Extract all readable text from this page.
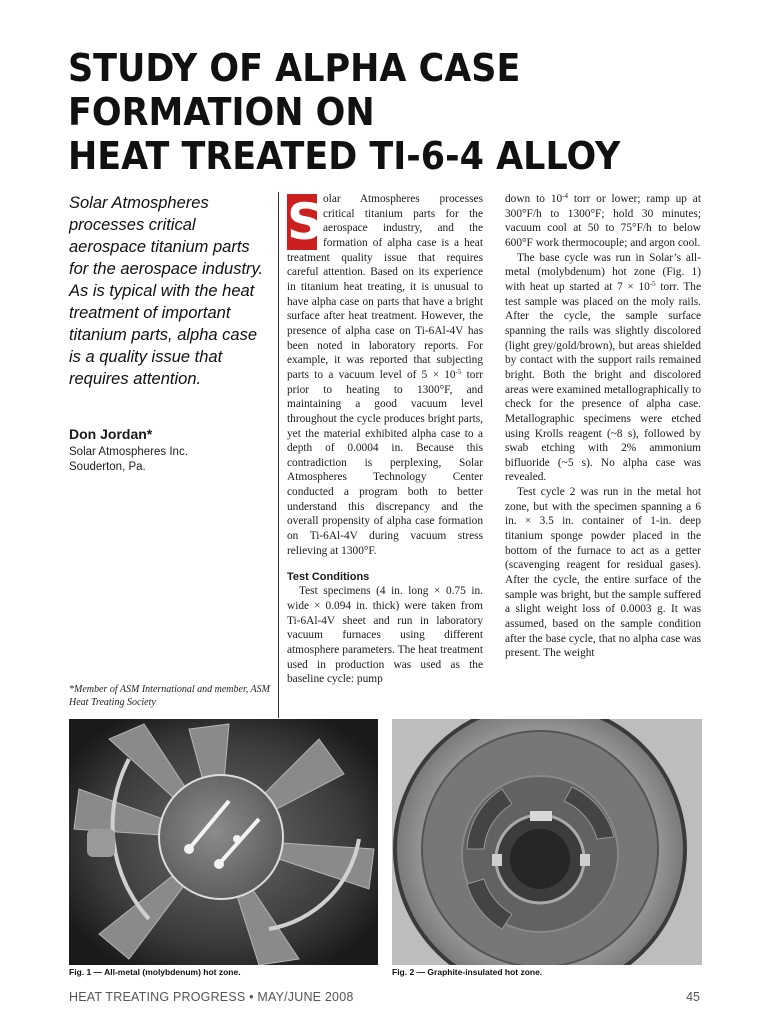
STUDY OF ALPHA CASE
FORMATION ON
HEAT TREATED TI-6-4 ALLOY
Solar Atmospheres processes critical aerospace titanium parts for the aerospace industry. As is typical with the heat treatment of important titanium parts, alpha case is a quality issue that requires attention.
Don Jordan*
Solar Atmospheres Inc.
Souderton, Pa.
*Member of ASM International and member, ASM Heat Treating Society

S olar Atmospheres processes critical titanium parts for the aerospace industry, and the formation of alpha case is a heat treatment quality issue that requires careful attention. Based on its experience in titanium heat treating, it is unusual to have alpha case on parts that have a bright surface after heat treatment. However, the presence of alpha case on Ti-6Al-4V has been noted in laboratory reports. For example, it was reported that subjecting parts to a vacuum level of $5 \times 10^{-5}$ torr prior to heating to 1300°F, and maintaining a good vacuum level throughout the cycle produces bright parts, yet the material exhibited alpha case to a depth of 0.0004 in. Because this contradiction is perplexing, Solar Atmospheres Technology Center conducted a program both to better understand this discrepancy and the overall propensity of alpha case formation on Ti-6Al-4V during vacuum stress relieving at 1300°F.

Test Conditions

Test specimens (4 in. long × 0.75 in. wide × 0.094 in. thick) were taken from Ti-6Al-4V sheet and run in laboratory vacuum furnaces using different atmosphere parameters. The heat treatment used in production was used as the baseline cycle: pump

down to $10^{-4}$ torr or lower; ramp up at 300°F/h to 1300°F; hold 30 minutes; vacuum cool at 50 to 75°F/h to below 600°F work thermocouple; and argon cool.

The base cycle was run in Solar’s all-metal (molybdenum) hot zone (Fig. 1) with heat up started at $7 \times 10^{-5}$ torr. The test sample was placed on the moly rails. After the cycle, the sample surface spanning the rails was slightly discolored (light grey/gold/brown), but areas shielded by contact with the support rails remained bright. Both the bright and discolored areas were examined metallographically to check for the presence of alpha case. Metallographic specimens were etched using Krolls reagent (~8 s), followed by swab etching with 2% ammonium bifluoride (~5 s). No alpha case was revealed.

Test cycle 2 was run in the metal hot zone, but with the specimen spanning a 6 in. × 3.5 in. container of 1-in. deep titanium sponge powder placed in the bottom of the furnace to act as a getter (scavenging reagent for residual gases). After the cycle, the entire surface of the sample was bright, but the sample suffered a slight weight loss of 0.0003 g. It was assumed, based on the sample condition after the base cycle, that no alpha case was present. The weight

Fig. 1 — All-metal (molybdenum) hot zone.	Fig. 2 — Graphite-insulated hot zone.
HEAT TREATING PROGRESS • MAY/JUNE 2008	45
